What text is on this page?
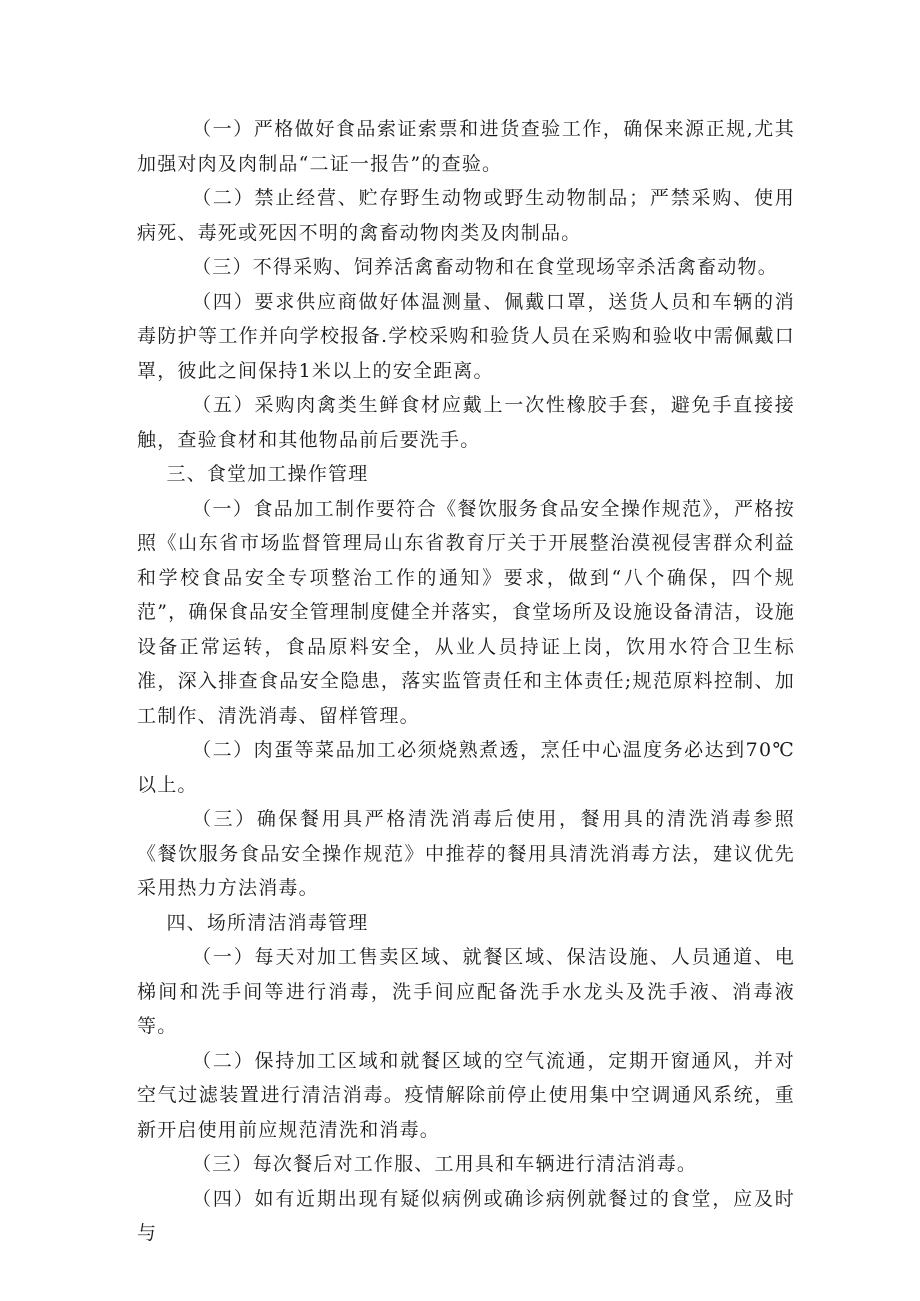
（一）严格做好食品索证索票和进货查验工作，确保来源正规,尤其加强对肉及肉制品“二证一报告”的查验。

（二）禁止经营、贮存野生动物或野生动物制品；严禁采购、使用病死、毒死或死因不明的禽畜动物肉类及肉制品。

（三）不得采购、饲养活禽畜动物和在食堂现场宰杀活禽畜动物。

（四）要求供应商做好体温测量、佩戴口罩，送货人员和车辆的消毒防护等工作并向学校报备.学校采购和验货人员在采购和验收中需佩戴口罩，彼此之间保持1米以上的安全距离。

（五）采购肉禽类生鲜食材应戴上一次性橡胶手套，避免手直接接触，查验食材和其他物品前后要洗手。

三、食堂加工操作管理

（一）食品加工制作要符合《餐饮服务食品安全操作规范》，严格按照《山东省市场监督管理局山东省教育厅关于开展整治漠视侵害群众利益和学校食品安全专项整治工作的通知》要求，做到“八个确保，四个规范”，确保食品安全管理制度健全并落实，食堂场所及设施设备清洁，设施设备正常运转，食品原料安全，从业人员持证上岗，饮用水符合卫生标准，深入排查食品安全隐患，落实监管责任和主体责任;规范原料控制、加工制作、清洗消毒、留样管理。

（二）肉蛋等菜品加工必须烧熟煮透，烹任中心温度务必达到70℃以上。

（三）确保餐用具严格清洗消毒后使用，餐用具的清洗消毒参照《餐饮服务食品安全操作规范》中推荐的餐用具清洗消毒方法，建议优先采用热力方法消毒。

四、场所清洁消毒管理

（一）每天对加工售卖区域、就餐区域、保洁设施、人员通道、电梯间和洗手间等进行消毒，洗手间应配备洗手水龙头及洗手液、消毒液等。

（二）保持加工区域和就餐区域的空气流通，定期开窗通风，并对空气过滤装置进行清洁消毒。疫情解除前停止使用集中空调通风系统，重新开启使用前应规范清洗和消毒。

（三）每次餐后对工作服、工用具和车辆进行清洁消毒。

（四）如有近期出现有疑似病例或确诊病例就餐过的食堂，应及时与
